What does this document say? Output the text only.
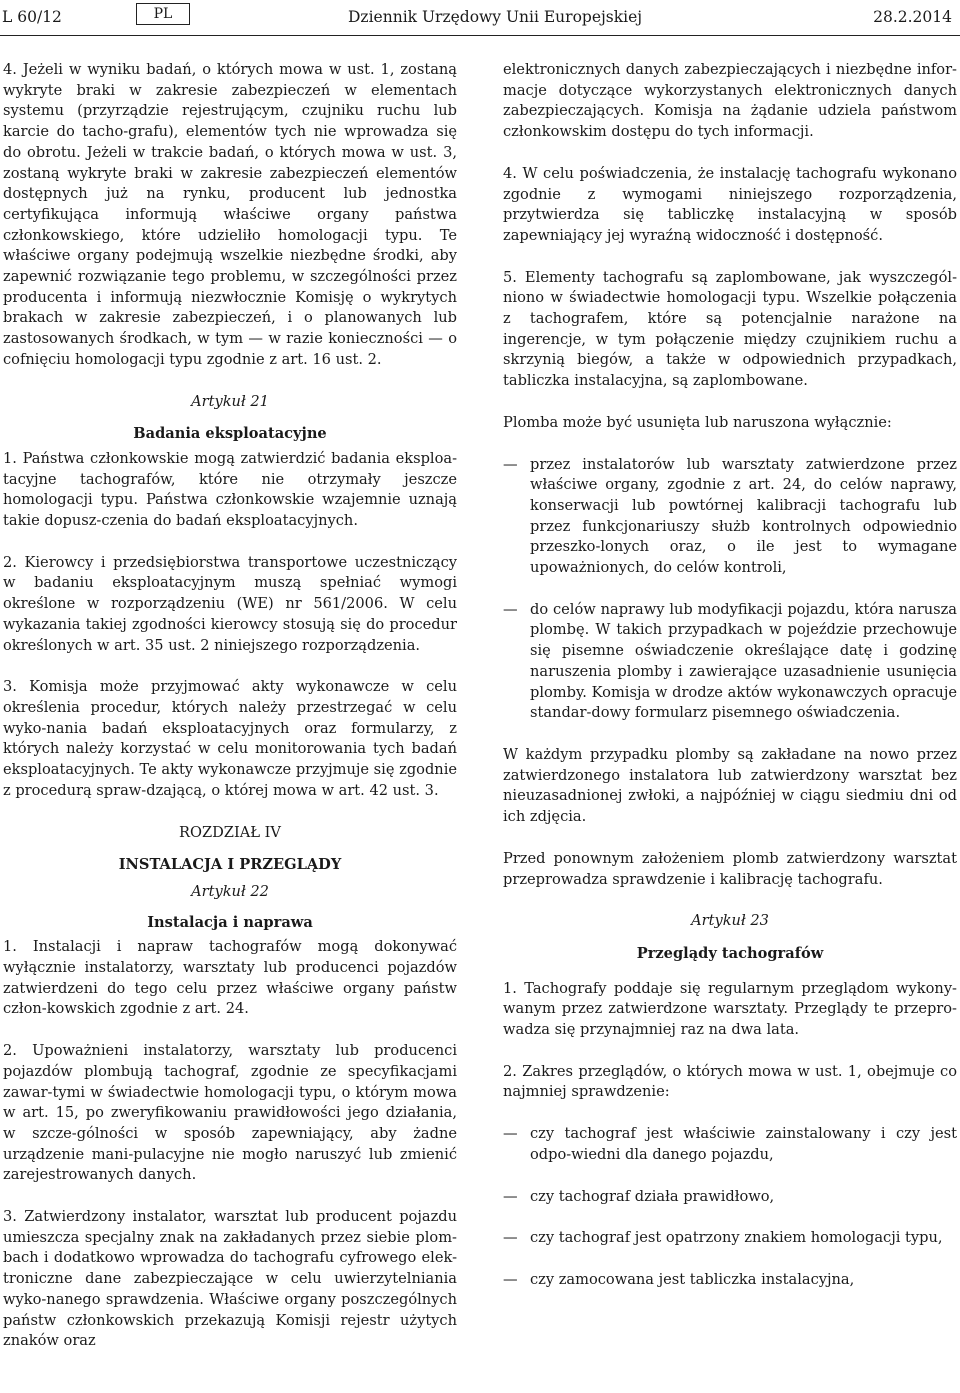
L 60/12	PL	Dziennik Urzędowy Unii Europejskiej	28.2.2014

4. Jeżeli w wyniku badań, o których mowa w ust. 1, zostaną wykryte braki w zakresie zabezpieczeń w elementach systemu (przyrządzie rejestrującym, czujniku ruchu lub karcie do tacho-grafu), elementów tych nie wprowadza się do obrotu. Jeżeli w trakcie badań, o których mowa w ust. 3, zostaną wykryte braki w zakresie zabezpieczeń elementów dostępnych już na rynku, producent lub jednostka certyfikująca informują właściwe organy państwa członkowskiego, które udzieliło homologacji typu. Te właściwe organy podejmują wszelkie niezbędne środki, aby zapewnić rozwiązanie tego problemu, w szczególności przez producenta i informują niezwłocznie Komisję o wykrytych brakach w zakresie zabezpieczeń, i o planowanych lub zastosowanych środkach, w tym — w razie konieczności — o cofnięciu homologacji typu zgodnie z art. 16 ust. 2.

Artykuł 21
Badania eksploatacyjne

1. Państwa członkowskie mogą zatwierdzić badania eksploa-tacyjne tachografów, które nie otrzymały jeszcze homologacji typu. Państwa członkowskie wzajemnie uznają takie dopusz-czenia do badań eksploatacyjnych.

2. Kierowcy i przedsiębiorstwa transportowe uczestniczący w badaniu eksploatacyjnym muszą spełniać wymogi określone w rozporządzeniu (WE) nr 561/2006. W celu wykazania takiej zgodności kierowcy stosują się do procedur określonych w art. 35 ust. 2 niniejszego rozporządzenia.

3. Komisja może przyjmować akty wykonawcze w celu określenia procedur, których należy przestrzegać w celu wyko-nania badań eksploatacyjnych oraz formularzy, z których należy korzystać w celu monitorowania tych badań eksploatacyjnych. Te akty wykonawcze przyjmuje się zgodnie z procedurą spraw-dzającą, o której mowa w art. 42 ust. 3.

ROZDZIAŁ IV
INSTALACJA I PRZEGLĄDY
Artykuł 22
Instalacja i naprawa

1. Instalacji i napraw tachografów mogą dokonywać wyłącznie instalatorzy, warsztaty lub producenci pojazdów zatwierdzeni do tego celu przez właściwe organy państw człon-kowskich zgodnie z art. 24.

2. Upoważnieni instalatorzy, warsztaty lub producenci pojazdów plombują tachograf, zgodnie ze specyfikacjami zawar-tymi w świadectwie homologacji typu, o którym mowa w art. 15, po zweryfikowaniu prawidłowości jego działania, w szcze-gólności w sposób zapewniający, aby żadne urządzenie mani-pulacyjne nie mogło naruszyć lub zmienić zarejestrowanych danych.

3. Zatwierdzony instalator, warsztat lub producent pojazdu umieszcza specjalny znak na zakładanych przez siebie plom-bach i dodatkowo wprowadza do tachografu cyfrowego elek-troniczne dane zabezpieczające w celu uwierzytelniania wyko-nanego sprawdzenia. Właściwe organy poszczególnych państw członkowskich przekazują Komisji rejestr użytych znaków oraz

elektronicznych danych zabezpieczających i niezbędne infor-macje dotyczące wykorzystanych elektronicznych danych zabezpieczających. Komisja na żądanie udziela państwom członkowskim dostępu do tych informacji.

4. W celu poświadczenia, że instalację tachografu wykonano zgodnie z wymogami niniejszego rozporządzenia, przytwierdza się tabliczkę instalacyjną w sposób zapewniający jej wyraźną widoczność i dostępność.

5. Elementy tachografu są zaplombowane, jak wyszczegól-niono w świadectwie homologacji typu. Wszelkie połączenia z tachografem, które są potencjalnie narażone na ingerencje, w tym połączenie między czujnikiem ruchu a skrzynią biegów, a także w odpowiednich przypadkach, tabliczka instalacyjna, są zaplombowane.

Plomba może być usunięta lub naruszona wyłącznie:

— przez instalatorów lub warsztaty zatwierdzone przez właściwe organy, zgodnie z art. 24, do celów naprawy, konserwacji lub powtórnej kalibracji tachografu lub przez funkcjonariuszy służb kontrolnych odpowiednio przeszko-lonych oraz, o ile jest to wymagane upoważnionych, do celów kontroli,
— do celów naprawy lub modyfikacji pojazdu, która narusza plombę. W takich przypadkach w pojeździe przechowuje się pisemne oświadczenie określające datę i godzinę naruszenia plomby i zawierające uzasadnienie usunięcia plomby. Komisja w drodze aktów wykonawczych opracuje standar-dowy formularz pisemnego oświadczenia.

W każdym przypadku plomby są zakładane na nowo przez zatwierdzonego instalatora lub zatwierdzony warsztat bez nieuzasadnionej zwłoki, a najpóźniej w ciągu siedmiu dni od ich zdjęcia.

Przed ponownym założeniem plomb zatwierdzony warsztat przeprowadza sprawdzenie i kalibrację tachografu.

Artykuł 23
Przeglądy tachografów

1. Tachografy poddaje się regularnym przeglądom wykony-wanym przez zatwierdzone warsztaty. Przeglądy te przepro-wadza się przynajmniej raz na dwa lata.

2. Zakres przeglądów, o których mowa w ust. 1, obejmuje co najmniej sprawdzenie:

— czy tachograf jest właściwie zainstalowany i czy jest odpo-wiedni dla danego pojazdu,
— czy tachograf działa prawidłowo,
— czy tachograf jest opatrzony znakiem homologacji typu,
— czy zamocowana jest tabliczka instalacyjna,
